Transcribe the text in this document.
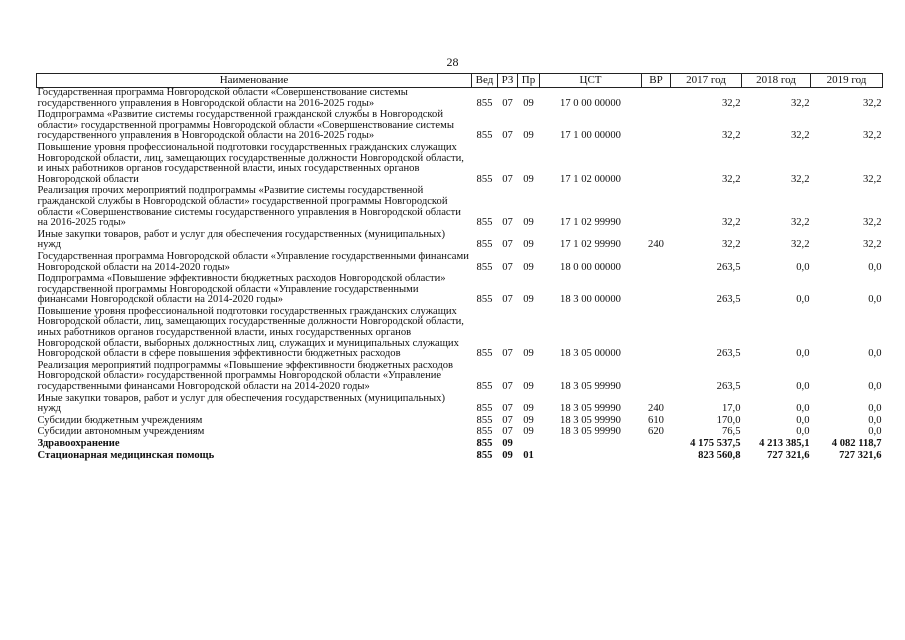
28
Наименование	Вед	РЗ	Пр	ЦСТ	ВР	2017 год	2018 год	2019 год
Государственная программа Новгородской области «Совершенствование системы государственного управления в Новгородской области на 2016-2025 годы»	855	07	09	17 0 00 00000		32,2	32,2	32,2
Подпрограмма «Развитие системы государственной гражданской службы в Новгородской области» государственной программы Новгородской области «Совершенствование системы государственного управления в Новгородской области на 2016-2025 годы»	855	07	09	17 1 00 00000		32,2	32,2	32,2
Повышение уровня профессиональной подготовки государственных гражданских служащих Новгородской области, лиц, замещающих государственные должности Новгородской области, и иных работников органов государственной власти, иных государственных органов Новгородской области	855	07	09	17 1 02 00000		32,2	32,2	32,2
Реализация прочих мероприятий подпрограммы «Развитие системы государственной гражданской службы в Новгородской области» государственной программы Новгородской области «Совершенствование системы государственного управления в Новгородской области на 2016-2025 годы»	855	07	09	17 1 02 99990		32,2	32,2	32,2
Иные закупки товаров, работ и услуг для обеспечения государственных (муниципальных) нужд	855	07	09	17 1 02 99990	240	32,2	32,2	32,2
Государственная программа Новгородской области «Управление государственными финансами Новгородской области на 2014-2020 годы»	855	07	09	18 0 00 00000		263,5	0,0	0,0
Подпрограмма «Повышение эффективности бюджетных расходов Новгородской области» государственной программы Новгородской области «Управление государственными финансами Новгородской области на 2014-2020 годы»	855	07	09	18 3 00 00000		263,5	0,0	0,0
Повышение уровня профессиональной подготовки государственных гражданских служащих Новгородской области, лиц, замещающих государственные должности Новгородской области, иных работников органов государственной власти, иных государственных органов Новгородской области, выборных должностных лиц, служащих и муниципальных служащих Новгородской области в сфере повышения эффективности бюджетных расходов	855	07	09	18 3 05 00000		263,5	0,0	0,0
Реализация мероприятий подпрограммы «Повышение эффективности бюджетных расходов Новгородской области» государственной программы Новгородской области «Управление государственными финансами Новгородской области на 2014-2020 годы»	855	07	09	18 3 05 99990		263,5	0,0	0,0
Иные закупки товаров, работ и услуг для обеспечения государственных (муниципальных) нужд	855	07	09	18 3 05 99990	240	17,0	0,0	0,0
Субсидии бюджетным учреждениям	855	07	09	18 3 05 99990	610	170,0	0,0	0,0
Субсидии автономным учреждениям	855	07	09	18 3 05 99990	620	76,5	0,0	0,0
Здравоохранение	855	09				4 175 537,5	4 213 385,1	4 082 118,7
Стационарная медицинская помощь	855	09	01			823 560,8	727 321,6	727 321,6
